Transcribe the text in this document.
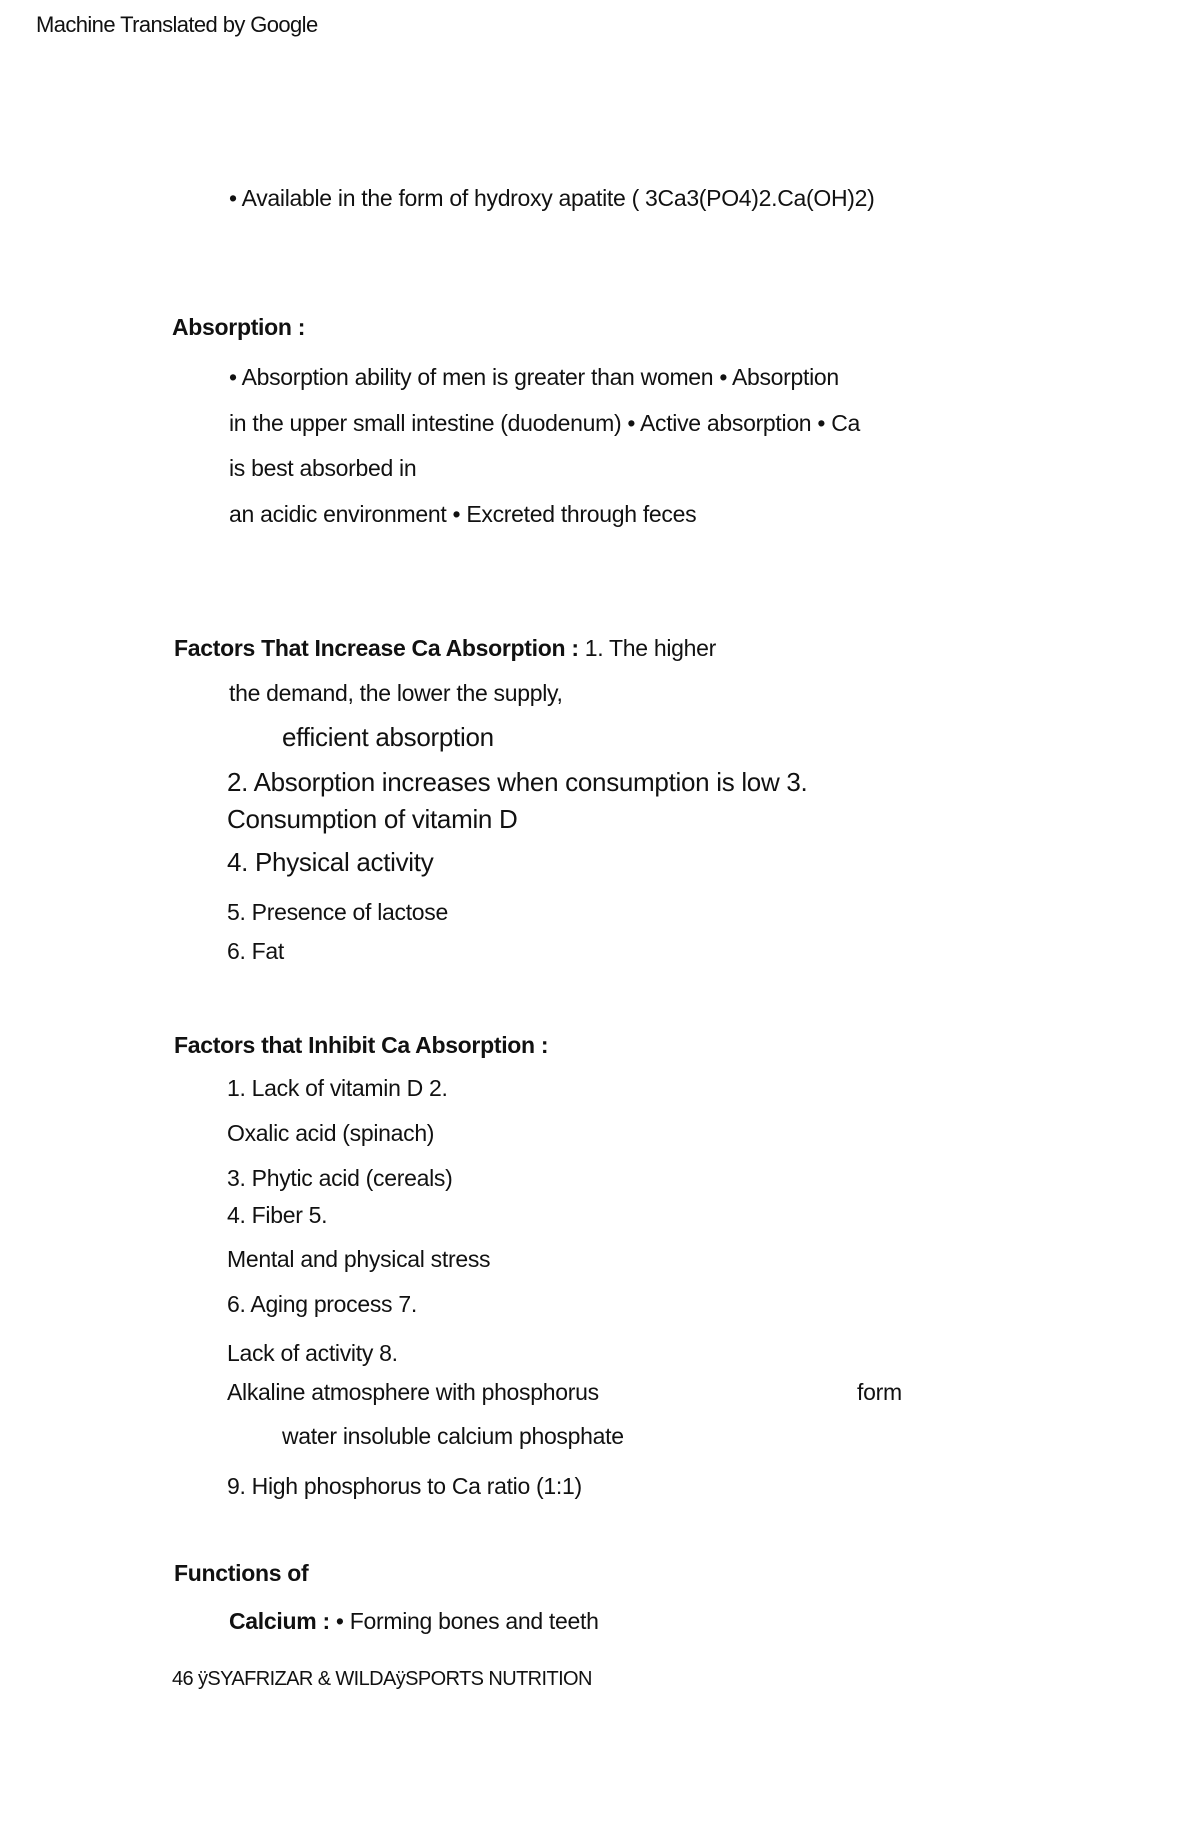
Machine Translated by Google
• Available in the form of hydroxy apatite ( 3Ca3(PO4)2.Ca(OH)2)
Absorption :
• Absorption ability of men is greater than women • Absorption
in the upper small intestine (duodenum) • Active absorption • Ca
is best absorbed in
an acidic environment • Excreted through feces
Factors That Increase Ca Absorption : 1. The higher
the demand, the lower the supply,
efficient absorption
2. Absorption increases when consumption is low 3.
Consumption of vitamin D
4. Physical activity
5. Presence of lactose
6. Fat
Factors that Inhibit Ca Absorption :
1. Lack of vitamin D 2.
Oxalic acid (spinach)
3. Phytic acid (cereals)
4. Fiber 5.
Mental and physical stress
6. Aging process 7.
Lack of activity 8.
Alkaline atmosphere with phosphorus	form
water insoluble calcium phosphate
9. High phosphorus to Ca ratio (1:1)
Functions of
Calcium : • Forming bones and teeth
46 ÿSYAFRIZAR & WILDAÿSPORTS NUTRITION
